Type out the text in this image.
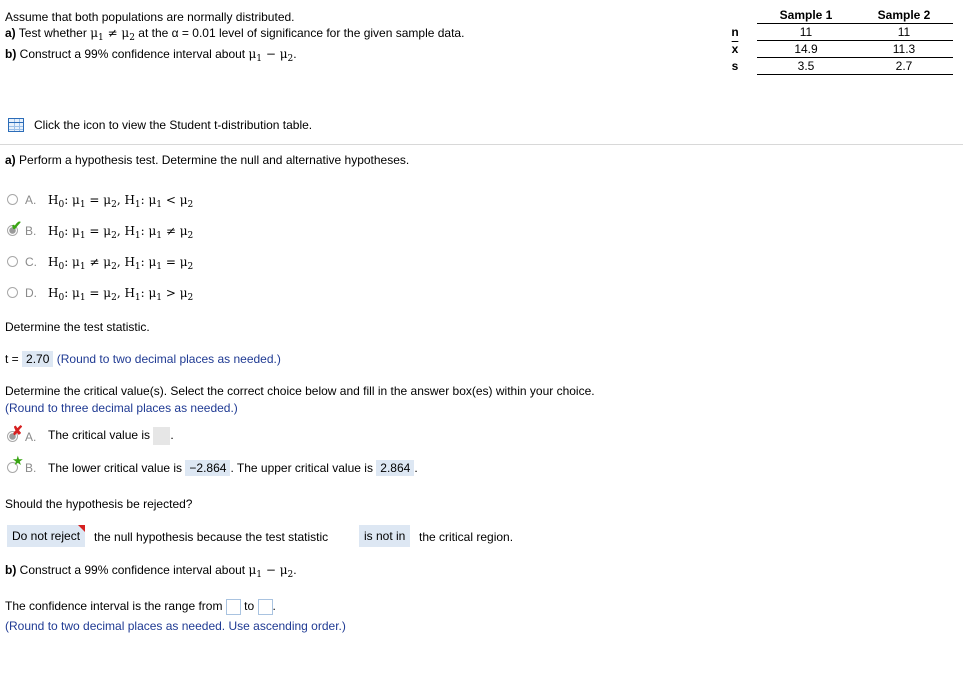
Assume that both populations are normally distributed.
a) Test whether $\mu_1 \ne \mu_2$ at the α = 0.01 level of significance for the given sample data.
b) Construct a 99% confidence interval about $\mu_1 - \mu_2$.
	Sample 1	Sample 2
n	11	11
$\overline{x}$	14.9	11.3
s	3.5	2.7
Click the icon to view the Student t-distribution table.
a) Perform a hypothesis test. Determine the null and alternative hypotheses.
A. $H_0$: $\mu_1 = \mu_2$, $H_1$: $\mu_1 < \mu_2$
✔ B. $H_0$: $\mu_1 = \mu_2$, $H_1$: $\mu_1 \ne \mu_2$
C. $H_0$: $\mu_1 \ne \mu_2$, $H_1$: $\mu_1 = \mu_2$
D. $H_0$: $\mu_1 = \mu_2$, $H_1$: $\mu_1 > \mu_2$
Determine the test statistic.
t = 2.70 (Round to two decimal places as needed.)
Determine the critical value(s). Select the correct choice below and fill in the answer box(es) within your choice.
(Round to three decimal places as needed.)
✘ A. The critical value is .
★ B. The lower critical value is −2.864 . The upper critical value is 2.864 .
Should the hypothesis be rejected?
Do not reject	the null hypothesis because the test statistic	is not in	the critical region.
b) Construct a 99% confidence interval about $\mu_1 - \mu_2$.
The confidence interval is the range from to .
(Round to two decimal places as needed. Use ascending order.)
